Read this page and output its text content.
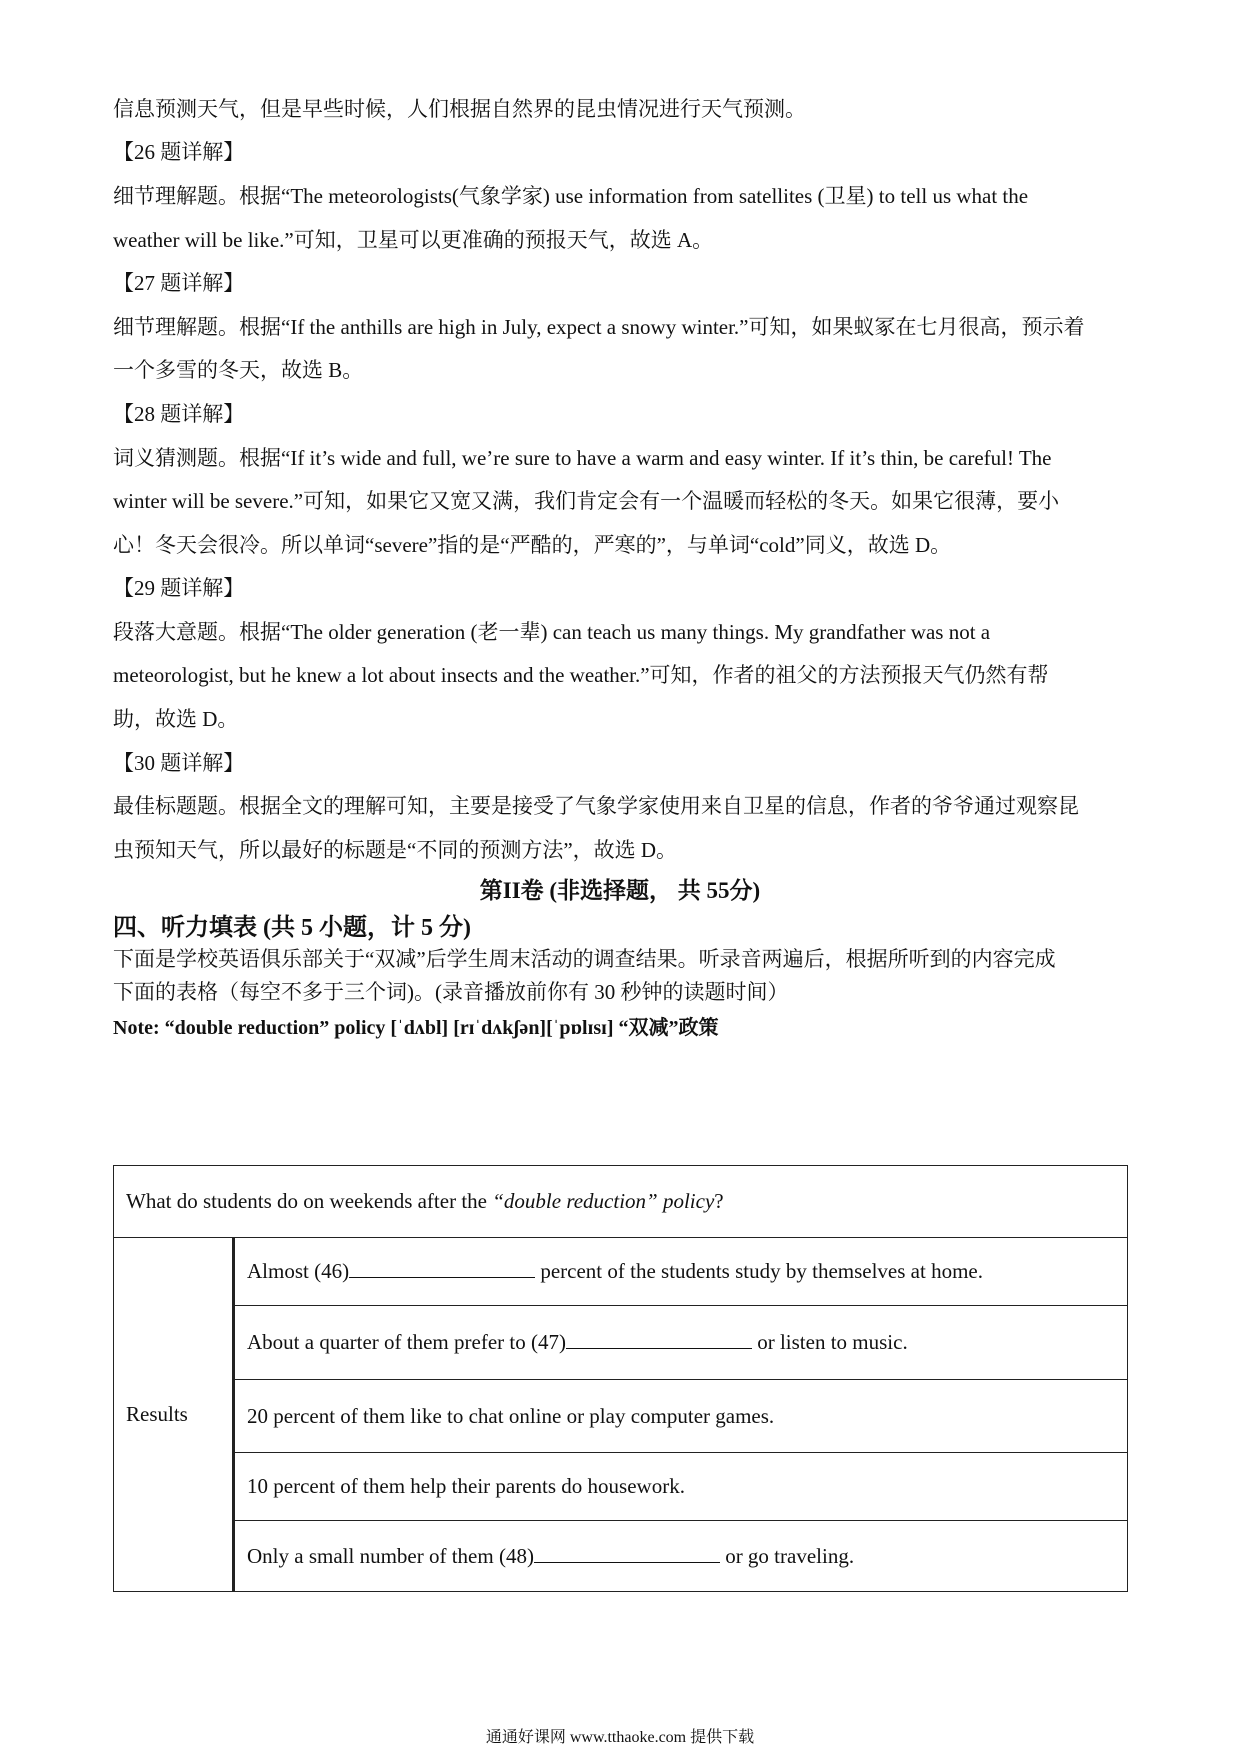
信息预测天气，但是早些时候，人们根据自然界的昆虫情况进行天气预测。
【26 题详解】
细节理解题。根据“The meteorologists(气象学家) use information from satellites (卫星) to tell us what the
weather will be like.”可知，卫星可以更准确的预报天气，故选 A。
【27 题详解】
细节理解题。根据“If the anthills are high in July, expect a snowy winter.”可知，如果蚁冢在七月很高，预示着
一个多雪的冬天，故选 B。
【28 题详解】
词义猜测题。根据“If it’s wide and full, we’re sure to have a warm and easy winter. If it’s thin, be careful! The
winter will be severe.”可知，如果它又宽又满，我们肯定会有一个温暖而轻松的冬天。如果它很薄，要小
心！冬天会很冷。所以单词“severe”指的是“严酷的，严寒的”，与单词“cold”同义，故选 D。
【29 题详解】
段落大意题。根据“The older generation (老一辈) can teach us many things. My grandfather was not a
meteorologist, but he knew a lot about insects and the weather.”可知，作者的祖父的方法预报天气仍然有帮
助，故选 D。
【30 题详解】
最佳标题题。根据全文的理解可知，主要是接受了气象学家使用来自卫星的信息，作者的爷爷通过观察昆
虫预知天气，所以最好的标题是“不同的预测方法”，故选 D。
第II卷 (非选择题， 共 55分)
四、听力填表 (共 5 小题，计 5 分)
下面是学校英语俱乐部关于“双减”后学生周末活动的调查结果。听录音两遍后，根据所听到的内容完成
下面的表格（每空不多于三个词)。(录音播放前你有 30 秒钟的读题时间）
Note: “double reduction” policy [ˈdʌbl] [rɪˈdʌkʃən][ˈpɒlɪsɪ] “双减”政策
What do students do on weekends after the “double reduction” policy?
Results	Almost (46)	percent of the students study by themselves at home.
About a quarter of them prefer to (47)	or listen to music.
20 percent of them like to chat online or play computer games.
10 percent of them help their parents do housework.
Only a small number of them (48)	or go traveling.
通通好课网 www.tthaoke.com 提供下载
